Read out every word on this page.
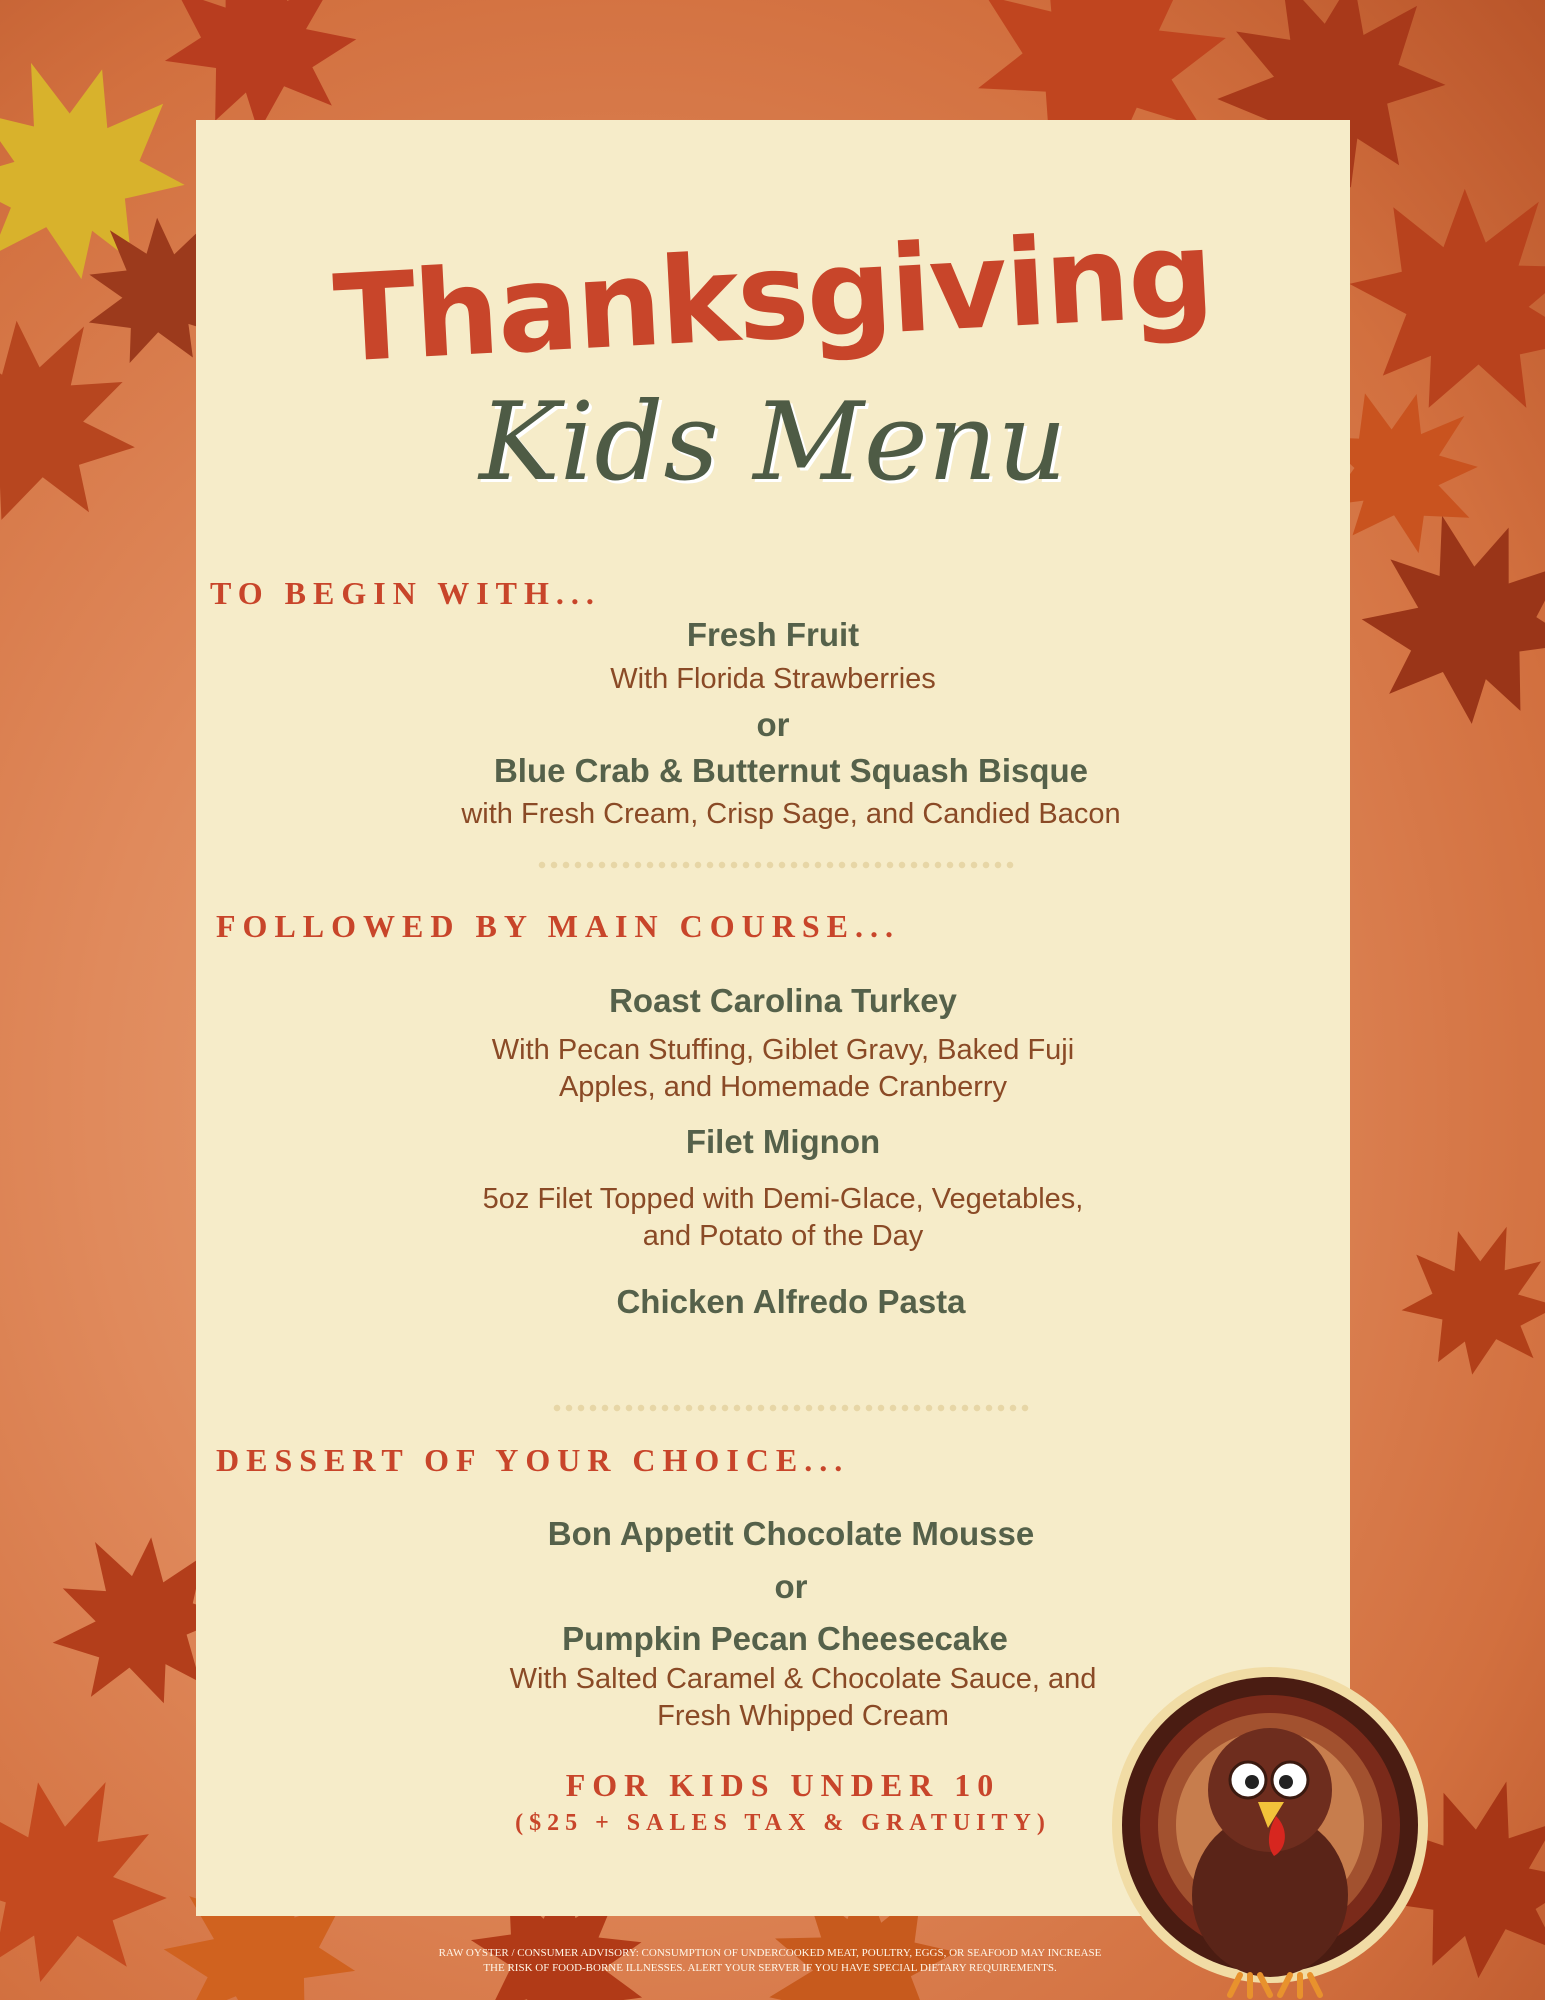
Thanksgiving
Kids Menu
TO BEGIN WITH...
Fresh Fruit
With Florida Strawberries
or
Blue Crab & Butternut Squash Bisque
with Fresh Cream, Crisp Sage, and Candied Bacon
FOLLOWED BY MAIN COURSE...
Roast Carolina Turkey
With Pecan Stuffing, Giblet Gravy, Baked Fuji
Apples, and Homemade Cranberry
Filet Mignon
5oz Filet Topped with Demi-Glace, Vegetables,
and Potato of the Day
Chicken Alfredo Pasta
DESSERT OF YOUR CHOICE...
Bon Appetit Chocolate Mousse
or
Pumpkin Pecan Cheesecake
With Salted Caramel & Chocolate Sauce, and
Fresh Whipped Cream
FOR KIDS UNDER 10
($25 + SALES TAX & GRATUITY)
RAW OYSTER / CONSUMER ADVISORY: CONSUMPTION OF UNDERCOOKED MEAT, POULTRY, EGGS, OR SEAFOOD MAY INCREASE
THE RISK OF FOOD-BORNE ILLNESSES. ALERT YOUR SERVER IF YOU HAVE SPECIAL DIETARY REQUIREMENTS.
